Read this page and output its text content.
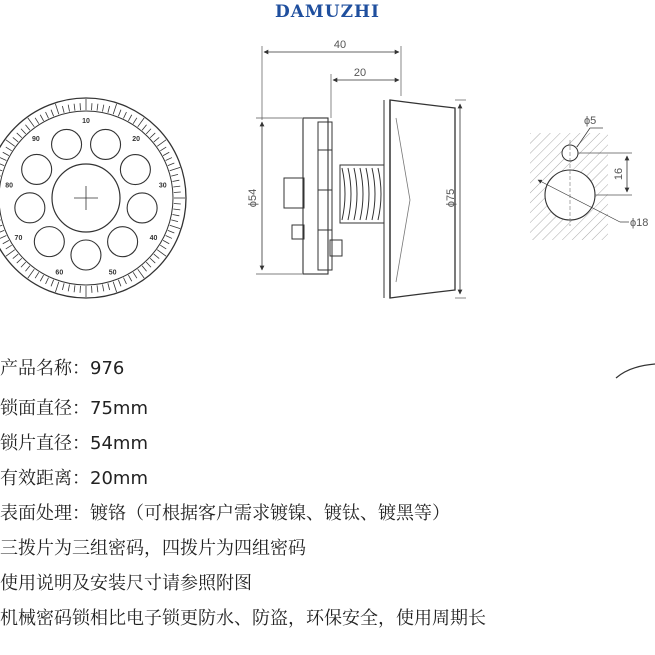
DAMUZHI
10
20
30
40
50
60
70
80
90
40
20
ϕ54	ϕ75
ϕ5
16
ϕ18
产品名称：976
锁面直径：75mm
锁片直径：54mm
有效距离：20mm
表面处理：镀铬（可根据客户需求镀镍、镀钛、镀黑等）
三拨片为三组密码，四拨片为四组密码
使用说明及安装尺寸请参照附图
机械密码锁相比电子锁更防水、防盗，环保安全，使用周期长
